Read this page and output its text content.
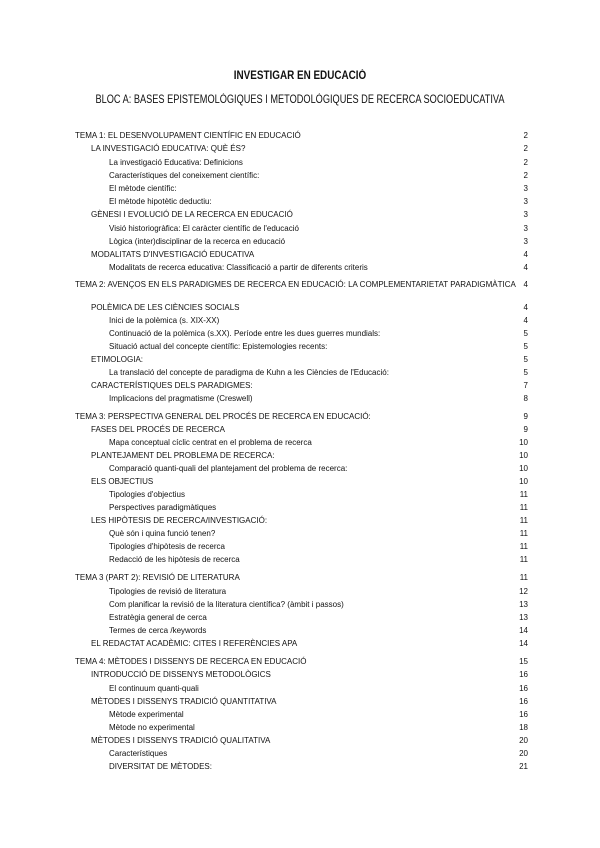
INVESTIGAR EN EDUCACIÓ
BLOC A: BASES EPISTEMOLÒGIQUES I METODOLÒGIQUES DE RECERCA SOCIOEDUCATIVA
TEMA 1: EL DESENVOLUPAMENT CIENTÍFIC EN EDUCACIÓ	2
LA INVESTIGACIÓ EDUCATIVA: QUÈ ÉS?	2
La investigació Educativa: Definicions	2
Característiques del coneixement científic:	2
El mètode científic:	3
El mètode hipotètic deductiu:	3
GÈNESI I EVOLUCIÓ DE LA RECERCA EN EDUCACIÓ	3
Visió historiogràfica: El caràcter científic de l'educació	3
Lògica (inter)disciplinar de la recerca en educació	3
MODALITATS D'INVESTIGACIÓ EDUCATIVA	4
Modalitats de recerca educativa: Classificació a partir de diferents criteris	4
TEMA 2: AVENÇOS EN ELS PARADIGMES DE RECERCA EN EDUCACIÓ: LA COMPLEMENTARIETAT PARADIGMÀTICA 4
POLÈMICA DE LES CIÈNCIES SOCIALS	4
Inici de la polèmica (s. XIX-XX)	4
Continuació de la polèmica (s.XX). Període entre les dues guerres mundials:	5
Situació actual del concepte científic: Epistemologies recents:	5
ETIMOLOGIA:	5
La translació del concepte de paradigma de Kuhn a les Ciències de l'Educació:	5
CARACTERÍSTIQUES DELS PARADIGMES:	7
Implicacions del pragmatisme (Creswell)	8
TEMA 3: PERSPECTIVA GENERAL DEL PROCÉS DE RECERCA EN EDUCACIÓ:	9
FASES DEL PROCÉS DE RECERCA	9
Mapa conceptual cíclic centrat en el problema de recerca	10
PLANTEJAMENT DEL PROBLEMA DE RECERCA:	10
Comparació quanti-quali del plantejament del problema de recerca:	10
ELS OBJECTIUS	10
Tipologies d'objectius	11
Perspectives paradigmàtiques	11
LES HIPÒTESIS DE RECERCA/INVESTIGACIÓ:	11
Què són i quina funció tenen?	11
Tipologies d'hipòtesis de recerca	11
Redacció de les hipòtesis de recerca	11
TEMA 3 (PART 2): REVISIÓ DE LITERATURA	11
Tipologies de revisió de literatura	12
Com planificar la revisió de la literatura científica? (àmbit i passos)	13
Estratègia general de cerca	13
Termes de cerca /keywords	14
EL REDACTAT ACADÈMIC: CITES I REFERÈNCIES APA	14
TEMA 4: MÈTODES I DISSENYS DE RECERCA EN EDUCACIÓ	15
INTRODUCCIÓ DE DISSENYS METODOLÒGICS	16
El continuum quanti-quali	16
MÈTODES I DISSENYS TRADICIÓ QUANTITATIVA	16
Mètode experimental	16
Mètode no experimental	18
MÈTODES I DISSENYS TRADICIÓ QUALITATIVA	20
Característiques	20
DIVERSITAT DE MÈTODES:	21
